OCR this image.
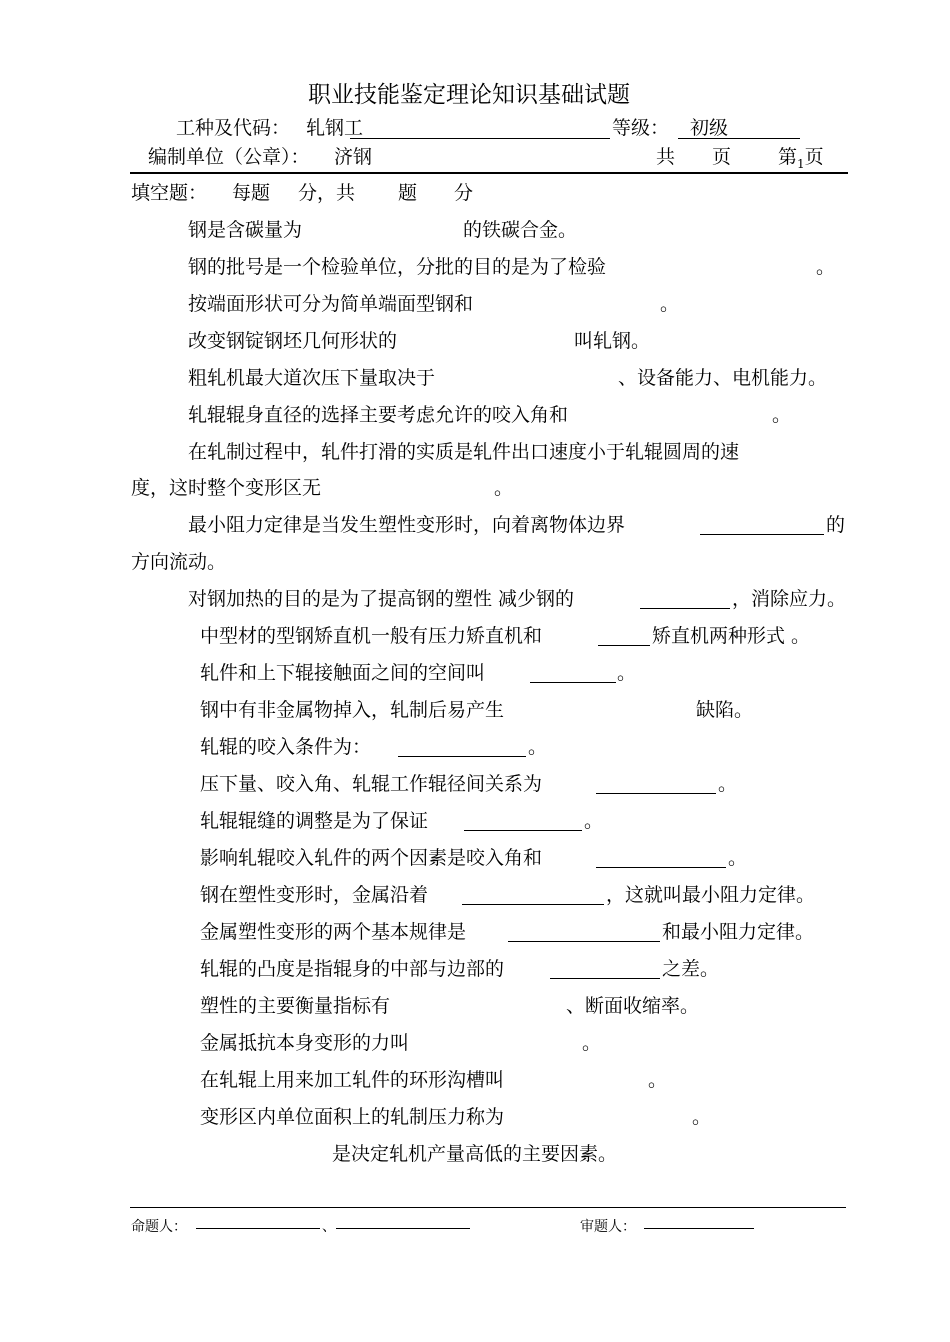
职业技能鉴定理论知识基础试题
工种及代码： 轧钢工	等级： 初级
编制单位（公章）： 济钢	共 页 第$_1$页
填空题： 每题 分，共 题 分
钢是含碳量为	的铁碳合金。
钢的批号是一个检验单位，分批的目的是为了检验	。
按端面形状可分为简单端面型钢和	。
改变钢锭钢坯几何形状的	叫轧钢。
粗轧机最大道次压下量取决于	、设备能力、电机能力。
轧辊辊身直径的选择主要考虑允许的咬入角和	。
在轧制过程中，轧件打滑的实质是轧件出口速度小于轧辊圆周的速
度，这时整个变形区无	。
最小阻力定律是当发生塑性变形时，向着离物体边界	的
方向流动。
对钢加热的目的是为了提高钢的塑性 减少钢的	，消除应力。
中型材的型钢矫直机一般有压力矫直机和	矫直机两种形式 。
轧件和上下辊接触面之间的空间叫	。
钢中有非金属物掉入，轧制后易产生	缺陷。
轧辊的咬入条件为：	。
压下量、咬入角、轧辊工作辊径间关系为	。
轧辊辊缝的调整是为了保证	。
影响轧辊咬入轧件的两个因素是咬入角和	。
钢在塑性变形时，金属沿着	，这就叫最小阻力定律。
金属塑性变形的两个基本规律是	和最小阻力定律。
轧辊的凸度是指辊身的中部与边部的	之差。
塑性的主要衡量指标有	、断面收缩率。
金属抵抗本身变形的力叫	。
在轧辊上用来加工轧件的环形沟槽叫	。
变形区内单位面积上的轧制压力称为	。
是决定轧机产量高低的主要因素。
命题人：	、	审题人：
